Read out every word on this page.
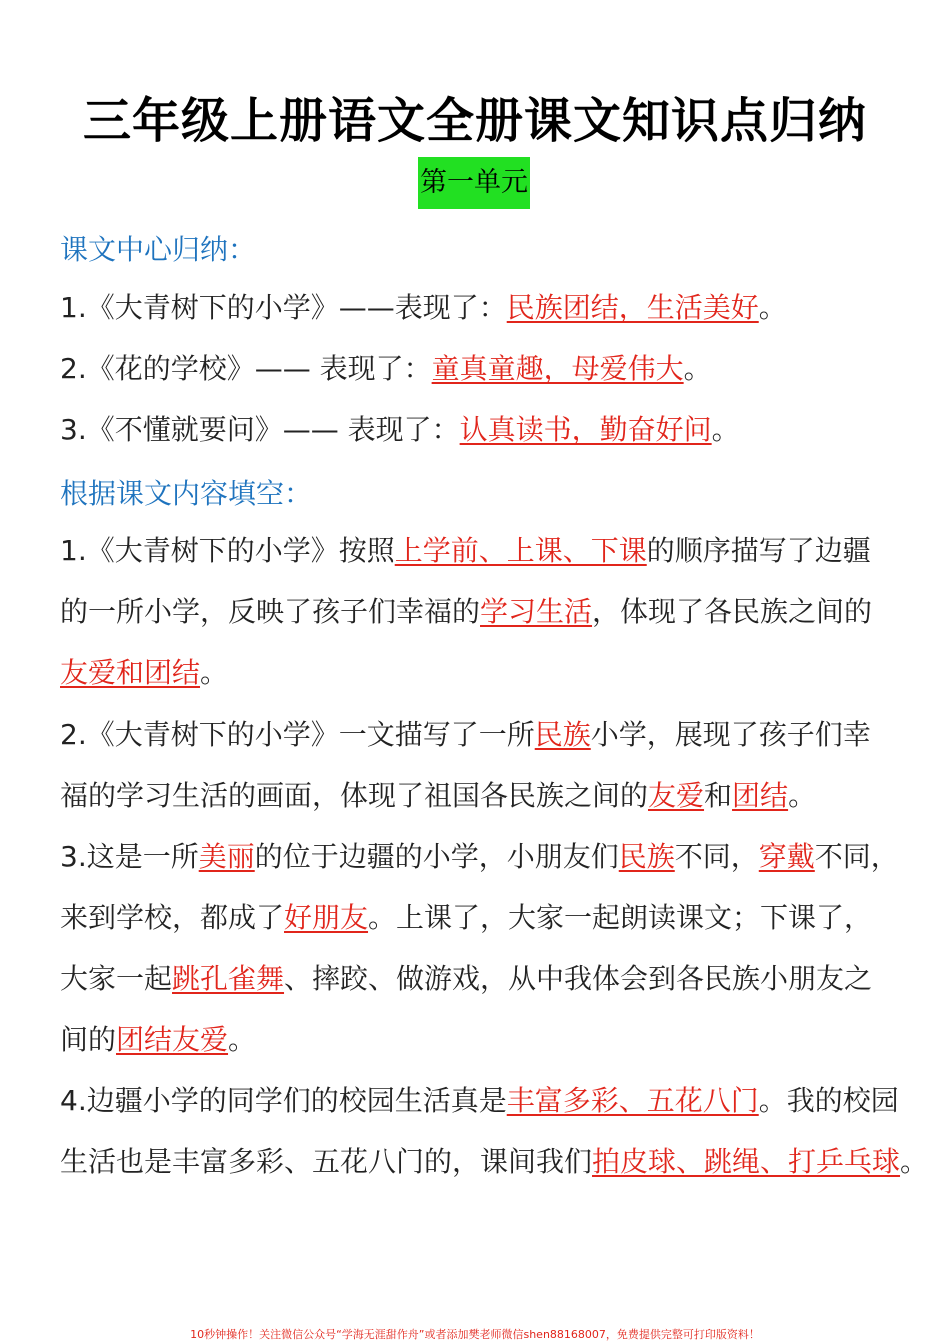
三年级上册语文全册课文知识点归纳
第一单元
课文中心归纳：
1.《大青树下的小学》——表现了：民族团结，生活美好。
2.《花的学校》—— 表现了：童真童趣，母爱伟大。
3.《不懂就要问》—— 表现了：认真读书，勤奋好问。
根据课文内容填空：
1.《大青树下的小学》按照上学前、上课、下课的顺序描写了边疆
的一所小学，反映了孩子们幸福的学习生活，体现了各民族之间的
友爱和团结。
2.《大青树下的小学》一文描写了一所民族小学，展现了孩子们幸
福的学习生活的画面，体现了祖国各民族之间的友爱和团结。
3.这是一所美丽的位于边疆的小学，小朋友们民族不同，穿戴不同，
来到学校，都成了好朋友。上课了，大家一起朗读课文；下课了，
大家一起跳孔雀舞、摔跤、做游戏，从中我体会到各民族小朋友之
间的团结友爱。
4.边疆小学的同学们的校园生活真是丰富多彩、五花八门。我的校园
生活也是丰富多彩、五花八门的，课间我们拍皮球、跳绳、打乒乓球。
10秒钟操作！关注微信公众号“学海无涯甜作舟”或者添加樊老师微信shen88168007，免费提供完整可打印版资料！
